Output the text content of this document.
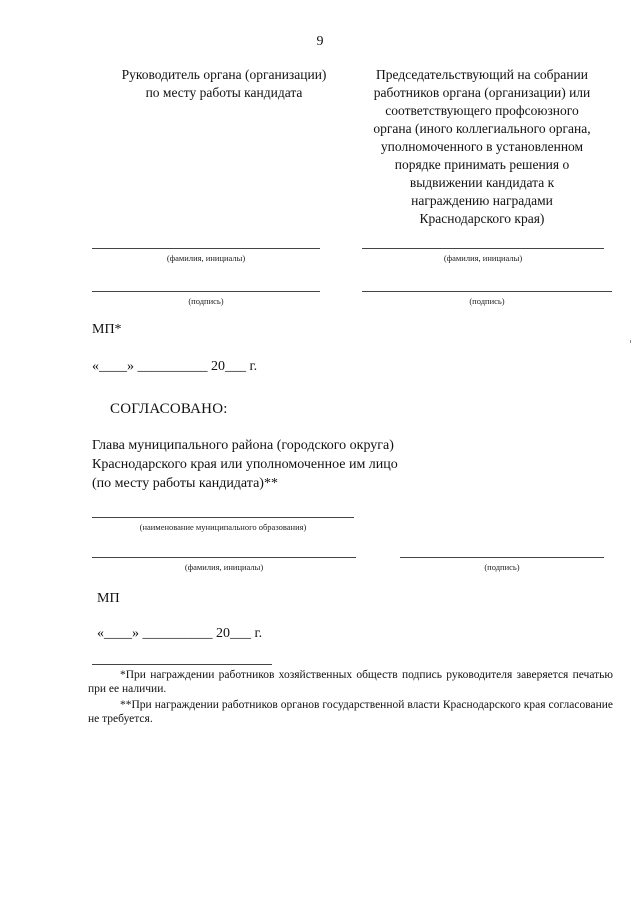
9
Руководитель органа (организации)
по месту работы кандидата
Председательствующий на собрании
работников органа (организации) или
соответствующего профсоюзного
органа (иного коллегиального органа,
уполномоченного в установленном
порядке принимать решения о
выдвижении кандидата к
награждению наградами
Краснодарского края)
(фамилия, инициалы)	(фамилия, инициалы)
(подпись)	(подпись)
МП*
«____» __________ 20___ г.
СОГЛАСОВАНО:
Глава муниципального района (городского округа)
Краснодарского края или уполномоченное им лицо
(по месту работы кандидата)**
(наименование муниципального образования)
(фамилия, инициалы)	(подпись)
МП
«____» __________ 20___ г.
*При награждении работников хозяйственных обществ подпись руководителя заверяется печатью при ее наличии.
**При награждении работников органов государственной власти Краснодарского края согласование не требуется.
